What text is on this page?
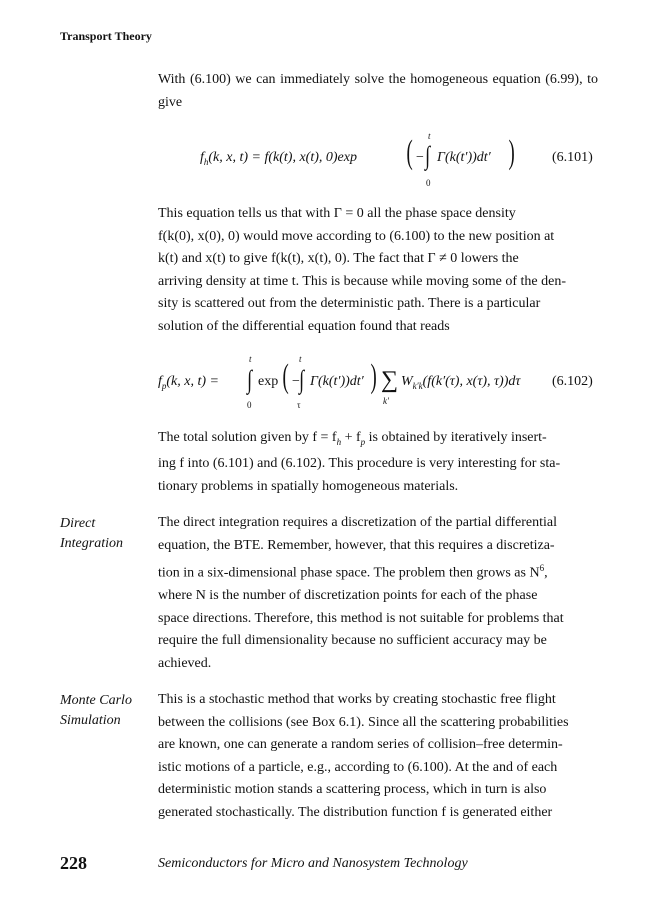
Transport Theory
With (6.100) we can immediately solve the homogeneous equation (6.99), to give
$f_h(k$, x, t) = f(k(t), x(t), 0)exp ( − ∫
t
0
Γ(k(t′))dt′ )	(6.101)
This equation tells us that with Γ = 0 all the phase space density
f(k(0), x(0), 0) would move according to (6.100) to the new position at
k(t) and x(t) to give f(k(t), x(t), 0). The fact that Γ ≠ 0 lowers the
arriving density at time t. This is because while moving some of the den-
sity is scattered out from the deterministic path. There is a particular
solution of the differential equation found that reads
$f_p(k$, x, t) = ∫
t
0
exp ( − ∫
t
τ
Γ(k(t′))dt′ ) ∑
k′
$W_{k'k}(f(k'(\tau)$, x(τ), τ))dτ (6.102)
The total solution given by $f = f_h + f_p$ is obtained by iteratively insert-
ing f into (6.101) and (6.102). This procedure is very interesting for sta-
tionary problems in spatially homogeneous materials.
Direct
Integration
The direct integration requires a discretization of the partial differential
equation, the BTE. Remember, however, that this requires a discretiza-
tion in a six-dimensional phase space. The problem then grows as $N^6$,
where N is the number of discretization points for each of the phase
space directions. Therefore, this method is not suitable for problems that
require the full dimensionality because no sufficient accuracy may be
achieved.
Monte Carlo
Simulation
This is a stochastic method that works by creating stochastic free flight
between the collisions (see Box 6.1). Since all the scattering probabilities
are known, one can generate a random series of collision–free determin-
istic motions of a particle, e.g., according to (6.100). At the and of each
deterministic motion stands a scattering process, which in turn is also
generated stochastically. The distribution function f is generated either
228	Semiconductors for Micro and Nanosystem Technology
